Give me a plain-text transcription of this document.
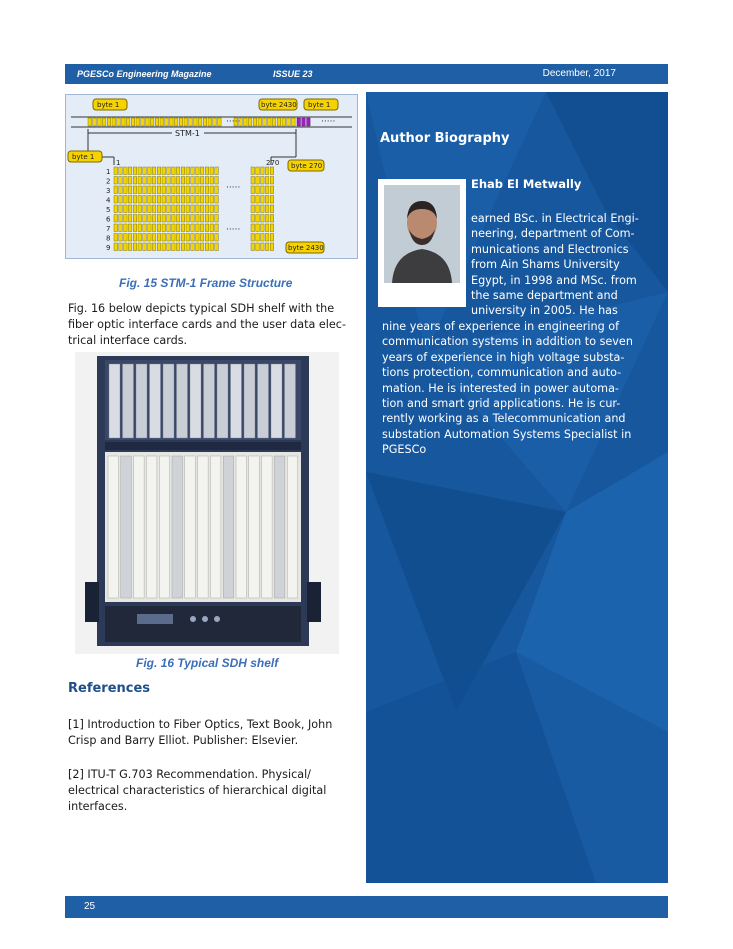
PGESCo Engineering Magazine	ISSUE 23	December, 2017
·····	·····
STM-1
1
2
3
4
5
6
7
8
9
·····
·····
1	270
byte 1	byte 2430 byte 1
byte 1
byte 270
byte 2430
Fig. 15 STM-1 Frame Structure
Fig. 16 below depicts typical SDH shelf with the
fiber optic interface cards and the user data elec-
trical interface cards.
Fig. 16 Typical SDH shelf
References
[1] Introduction to Fiber Optics, Text Book, John
Crisp and Barry Elliot. Publisher: Elsevier.
[2] ITU-T G.703 Recommendation. Physical/
electrical characteristics of hierarchical digital
interfaces.
Author Biography
Ehab El Metwally
earned BSc. in Electrical Engi-
neering, department of Com-
munications and Electronics
from Ain Shams University
Egypt, in 1998 and MSc. from
the same department and
university in 2005. He has
nine years of experience in engineering of
communication systems in addition to seven
years of experience in high voltage substa-
tions protection, communication and auto-
mation. He is interested in power automa-
tion and smart grid applications. He is cur-
rently working as a Telecommunication and
substation Automation Systems Specialist in
PGESCo
25
